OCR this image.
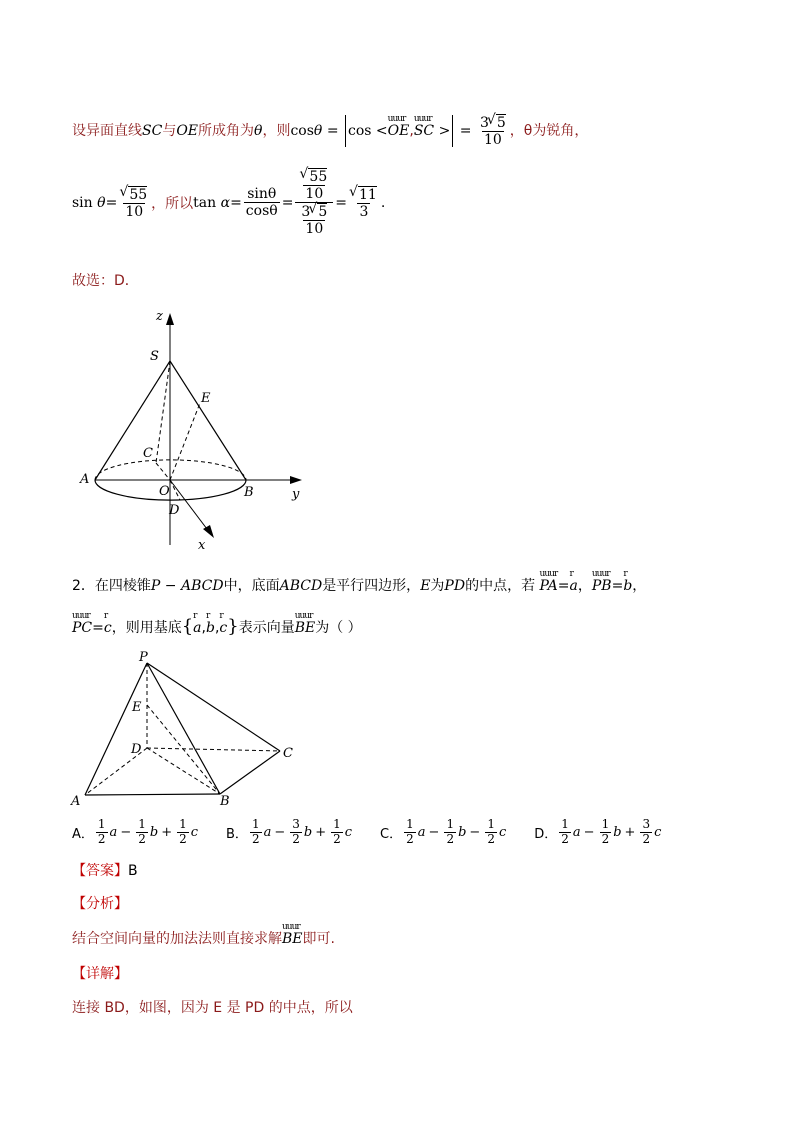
设异面直线SC与OE所成角为θ，则cosθ = cos <
uuur
OE,
uuur
SC > = $\frac{3 √ 5}{10}$ ，θ为锐角，
sin
θ = √ $\frac{55}{10}$ ，所以 tan
$\alpha = \frac{\sin\theta}{\cos\theta}$ = √ $\frac{\frac{55}{10}}{\frac{3 √ 5}{10}}$ = √ $\frac{11}{3}$ .
故选：D．
z
S
E
C
A
O	B	y
D
x
2．在四棱锥P − ABCD中，底面ABCD是平行四边形，E为PD的中点，若
uuur
PA=
r
a，
uuur
PB=
r
b，
uuur
PC=
r
c，则用基底{ r
a,
r
b,
r
c}表示向量
uuur
BE为（ ）
P
E
D	C
A	B
A． $\frac{1}{2}$ $a - \frac{1}{2}$ $b + \frac{1}{2}$ c B． $\frac{1}{2}$ $a - \frac{3}{2}$ $b + \frac{1}{2}$ c C． $\frac{1}{2}$ $a - \frac{1}{2}$ $b - \frac{1}{2}$ c D． $\frac{1}{2}$ $a - \frac{1}{2}$ $b + \frac{3}{2}$ c
【答案】B
【分析】
结合空间向量的加法法则直接求解
uuur
BE即可.
【详解】
连接 BD，如图，因为 E 是 PD 的中点，所以
